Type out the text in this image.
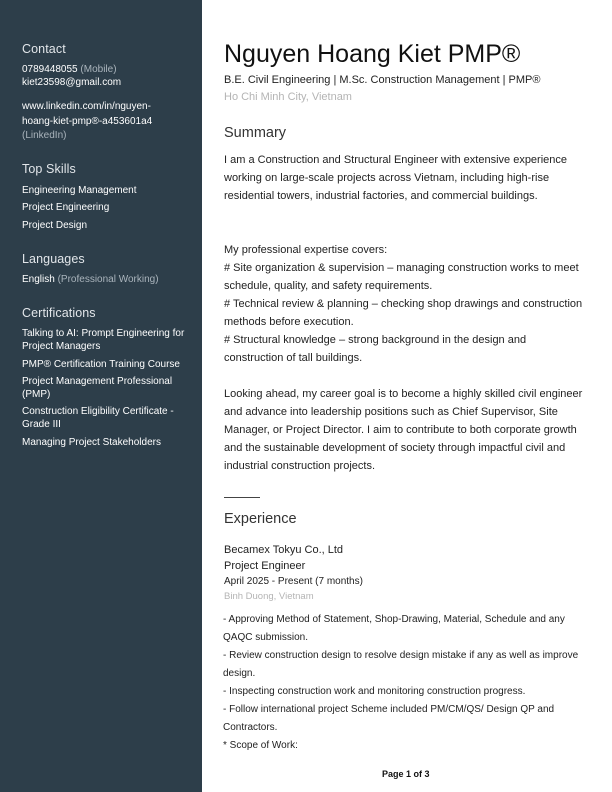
Contact
0789448055 (Mobile)
kiet23598@gmail.com
www.linkedin.com/in/nguyen-
hoang-kiet-pmp®-a453601a4
(LinkedIn)
Top Skills
Engineering Management
Project Engineering
Project Design
Languages
English (Professional Working)
Certifications
Talking to AI: Prompt Engineering for Project Managers
PMP® Certification Training Course
Project Management Professional (PMP)
Construction Eligibility Certificate - Grade III
Managing Project Stakeholders
Nguyen Hoang Kiet PMP®
B.E. Civil Engineering | M.Sc. Construction Management | PMP®
Ho Chi Minh City, Vietnam
Summary
I am a Construction and Structural Engineer with extensive experience working on large-scale projects across Vietnam, including high-rise residential towers, industrial factories, and commercial buildings.
My professional expertise covers:
# Site organization & supervision – managing construction works to meet schedule, quality, and safety requirements.
# Technical review & planning – checking shop drawings and construction methods before execution.
# Structural knowledge – strong background in the design and construction of tall buildings.
Looking ahead, my career goal is to become a highly skilled civil engineer and advance into leadership positions such as Chief Supervisor, Site Manager, or Project Director. I aim to contribute to both corporate growth and the sustainable development of society through impactful civil and industrial construction projects.
Experience
Becamex Tokyu Co., Ltd
Project Engineer
April 2025 - Present (7 months)
Binh Duong, Vietnam
- Approving Method of Statement, Shop-Drawing, Material, Schedule and any QAQC submission.
- Review construction design to resolve design mistake if any as well as improve design.
- Inspecting construction work and monitoring construction progress.
- Follow international project Scheme included PM/CM/QS/ Design QP and Contractors.
* Scope of Work:
Page 1 of 3
